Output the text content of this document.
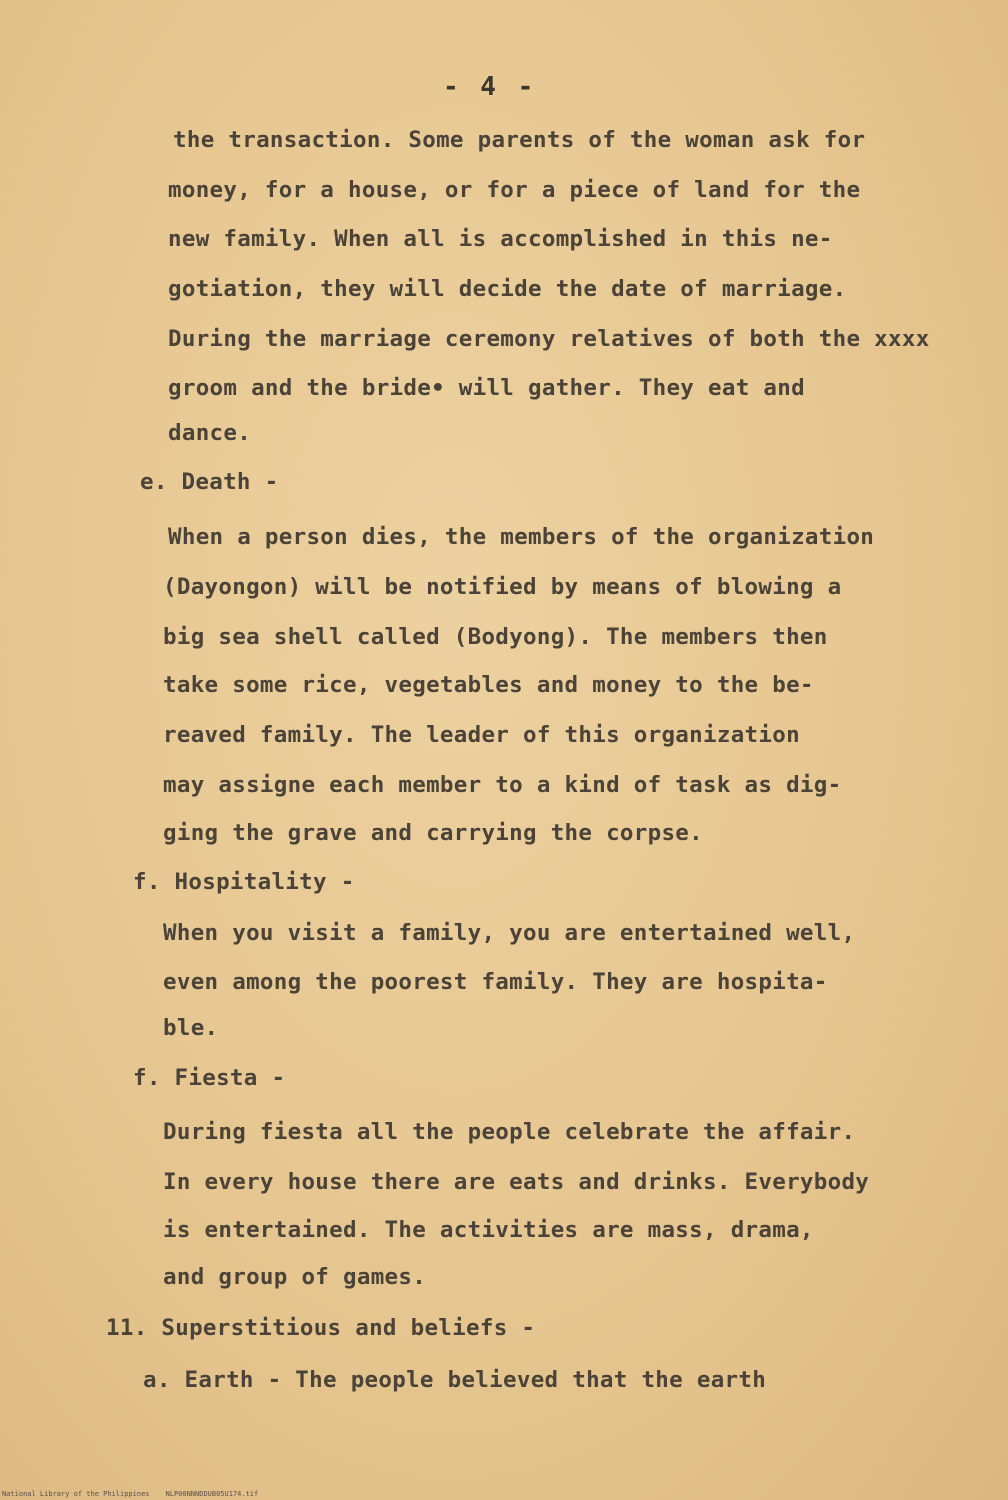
- 4 -
the transaction. Some parents of the woman ask for
money, for a house, or for a piece of land for the
new family. When all is accomplished in this ne-
gotiation, they will decide the date of marriage.
During the marriage ceremony relatives of both the xxxx
groom and the bride• will gather. They eat and
dance.
e. Death -
When a person dies, the members of the organization
(Dayongon) will be notified by means of blowing a
big sea shell called (Bodyong). The members then
take some rice, vegetables and money to the be-
reaved family. The leader of this organization
may assigne each member to a kind of task as dig-
ging the grave and carrying the corpse.
f. Hospitality -
When you visit a family, you are entertained well,
even among the poorest family. They are hospita-
ble.
f. Fiesta -
During fiesta all the people celebrate the affair.
In every house there are eats and drinks. Everybody
is entertained. The activities are mass, drama,
and group of games.
11. Superstitious and beliefs -
a. Earth - The people believed that the earth
National Library of the Philippines NLP00NNNDDUB05U174.tif
